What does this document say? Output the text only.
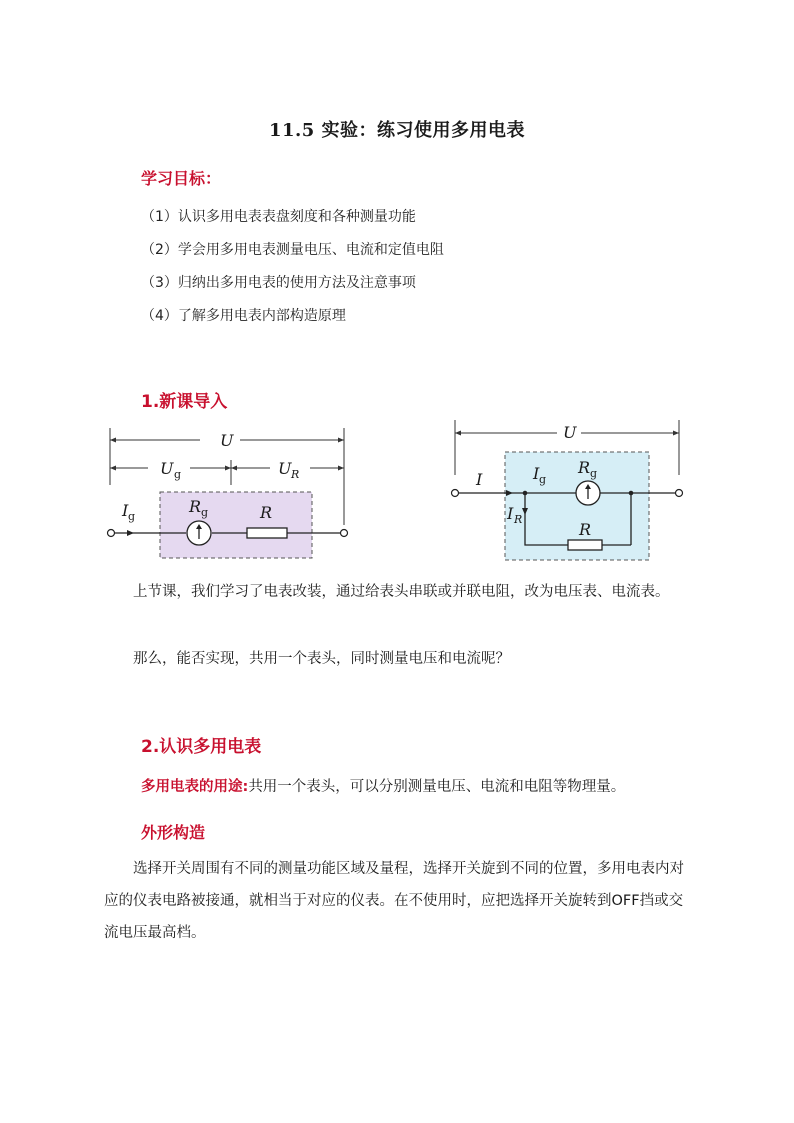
11.5 实验：练习使用多用电表
学习目标：
（1）认识多用电表表盘刻度和各种测量功能
（2）学会用多用电表测量电压、电流和定值电阻
（3）归纳出多用电表的使用方法及注意事项
（4）了解多用电表内部构造原理
1.新课导入
U
U g	U R
I g
R g	R
U
I	I g
R g
I R
R
上节课，我们学习了电表改装，通过给表头串联或并联电阻，改为电压表、电流表。
那么，能否实现，共用一个表头，同时测量电压和电流呢？
2.认识多用电表
多用电表的用途:共用一个表头，可以分别测量电压、电流和电阻等物理量。
外形构造
选择开关周围有不同的测量功能区域及量程，选择开关旋到不同的位置，多用电表内对应的仪表电路被接通，就相当于对应的仪表。在不使用时，应把选择开关旋转到OFF挡或交流电压最高档。
